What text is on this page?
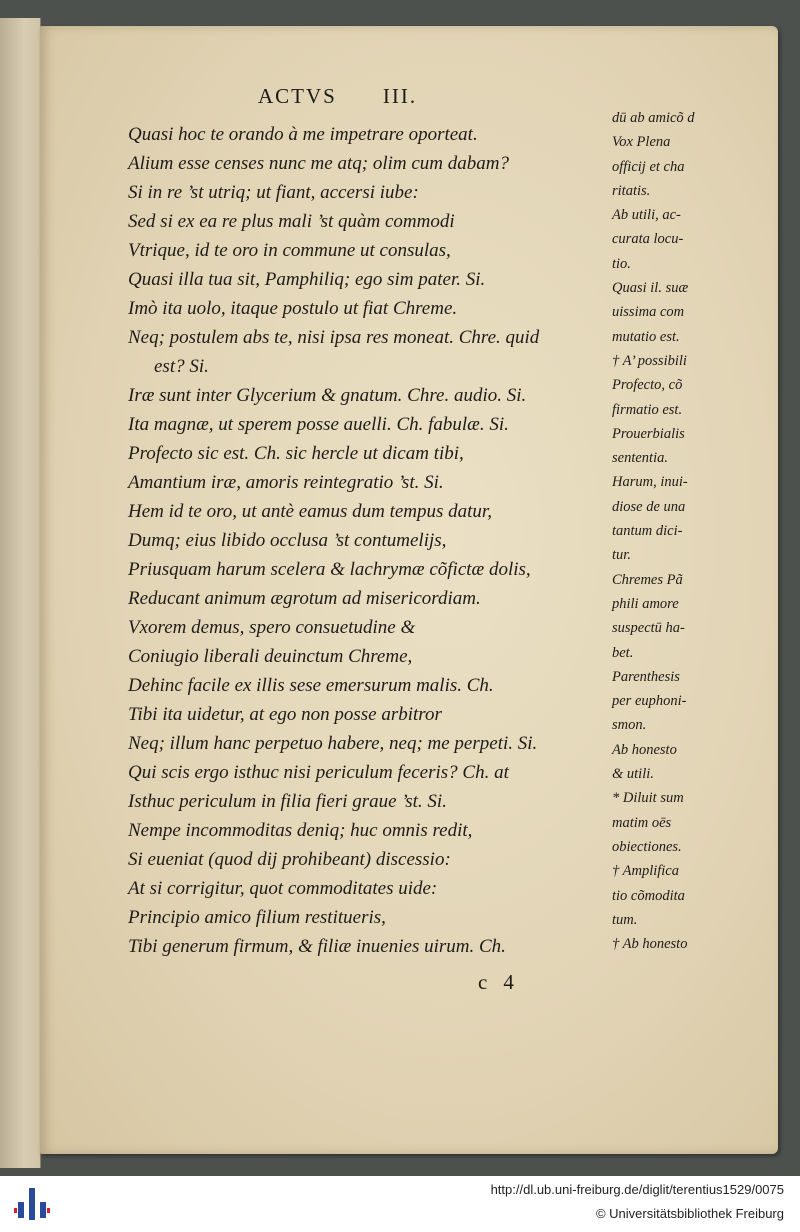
ACTVS III.
Quasi hoc te orando à me impetrare oporteat.
Alium esse censes nunc me atq; olim cum dabam?
Si in re ’st utriq; ut fiant, accersi iube:
Sed si ex ea re plus mali ’st quàm commodi
Vtrique, id te oro in commune ut consulas,
Quasi illa tua sit, Pamphiliq; ego sim pater. Si.
Imò ita uolo, itaque postulo ut fiat Chreme.
Neq; postulem abs te, nisi ipsa res moneat. Chre. quid
est? Si.
Iræ sunt inter Glycerium & gnatum. Chre. audio. Si.
Ita magnæ, ut sperem posse auelli. Ch. fabulæ. Si.
Profecto sic est. Ch. sic hercle ut dicam tibi,
Amantium iræ, amoris reintegratio ’st. Si.
Hem id te oro, ut antè eamus dum tempus datur,
Dumq; eius libido occlusa ’st contumelijs,
Priusquam harum scelera & lachrymæ cõfictæ dolis,
Reducant animum ægrotum ad misericordiam.
Vxorem demus, spero consuetudine &
Coniugio liberali deuinctum Chreme,
Dehinc facile ex illis sese emersurum malis. Ch.
Tibi ita uidetur, at ego non posse arbitror
Neq; illum hanc perpetuo habere, neq; me perpeti. Si.
Qui scis ergo isthuc nisi periculum feceris? Ch. at
Isthuc periculum in filia fieri graue ’st. Si.
Nempe incommoditas deniq; huc omnis redit,
Si eueniat (quod dij prohibeant) discessio:
At si corrigitur, quot commoditates uide:
Principio amico filium restitueris,
Tibi generum firmum, & filiæ inuenies uirum. Ch.
dū ab amicõ d
Vox Plena
officij et cha
ritatis.
Ab utili, ac-
curata locu-
tio.
Quasi il. suæ
uissima com
mutatio est.
† A’ possibili
Profecto, cõ
firmatio est.
Prouerbialis
sententia.
Harum, inui-
diose de una
tantum dici-
tur.
Chremes Pã
phili amore
suspectū ha-
bet.
Parenthesis
per euphoni-
smon.
Ab honesto
& utili.
* Diluit sum
matim oēs
obiectiones.
† Amplifica
tio cõmodita
tum.
† Ab honesto
c 4
http://dl.ub.uni-freiburg.de/diglit/terentius1529/0075
© Universitätsbibliothek Freiburg
